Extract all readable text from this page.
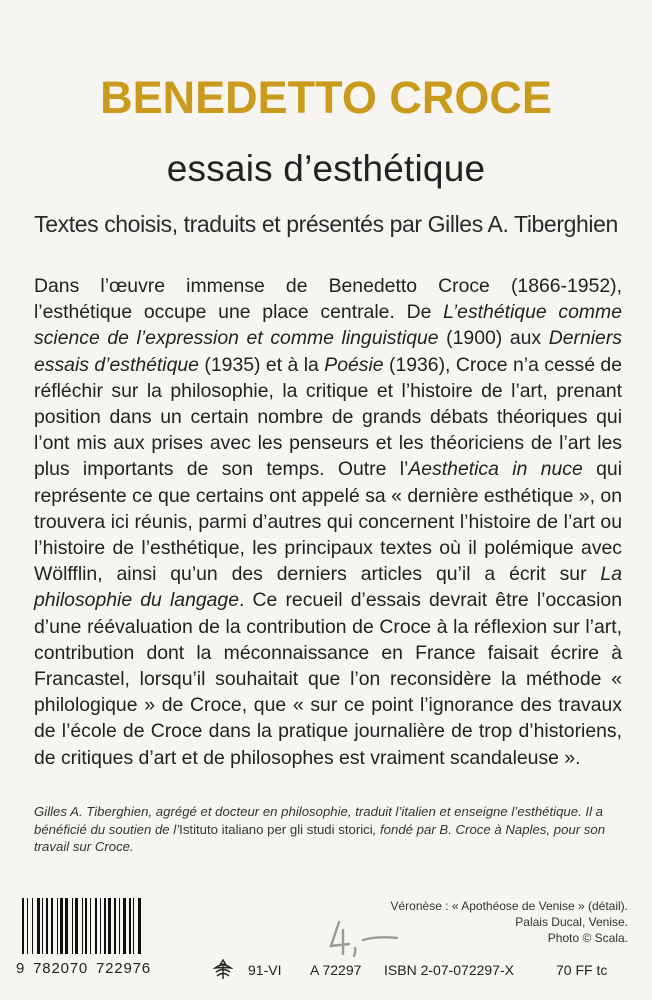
BENEDETTO CROCE
essais d’esthétique
Textes choisis, traduits et présentés par Gilles A. Tiberghien
Dans l’œuvre immense de Benedetto Croce (1866-1952), l’esthétique occupe une place centrale. De L’esthétique comme science de l’expression et comme linguistique (1900) aux Derniers essais d’esthétique (1935) et à la Poésie (1936), Croce n’a cessé de réfléchir sur la philosophie, la critique et l’histoire de l’art, prenant position dans un certain nombre de grands débats théoriques qui l’ont mis aux prises avec les penseurs et les théoriciens de l’art les plus importants de son temps. Outre l’Aesthetica in nuce qui représente ce que certains ont appelé sa « dernière esthétique », on trouvera ici réunis, parmi d’autres qui concernent l’histoire de l’art ou l’histoire de l’esthétique, les principaux textes où il polémique avec Wölfflin, ainsi qu’un des derniers articles qu’il a écrit sur La philosophie du langage. Ce recueil d’essais devrait être l’occasion d’une réévaluation de la contribution de Croce à la réflexion sur l’art, contribution dont la méconnaissance en France faisait écrire à Francastel, lorsqu’il souhaitait que l’on reconsidère la méthode « philologique » de Croce, que « sur ce point l’ignorance des travaux de l’école de Croce dans la pratique journalière de trop d’historiens, de critiques d’art et de philosophes est vraiment scandaleuse ».
Gilles A. Tiberghien, agrégé et docteur en philosophie, traduit l’italien et enseigne l’esthétique. Il a bénéficié du soutien de l’Istituto italiano per gli studi storici, fondé par B. Croce à Naples, pour son travail sur Croce.
9 782070 722976	91-VI A 72297 ISBN 2-07-072297-X	70 FF tc
Véronèse : « Apothéose de Venise » (détail).
Palais Ducal, Venise.
Photo © Scala.
